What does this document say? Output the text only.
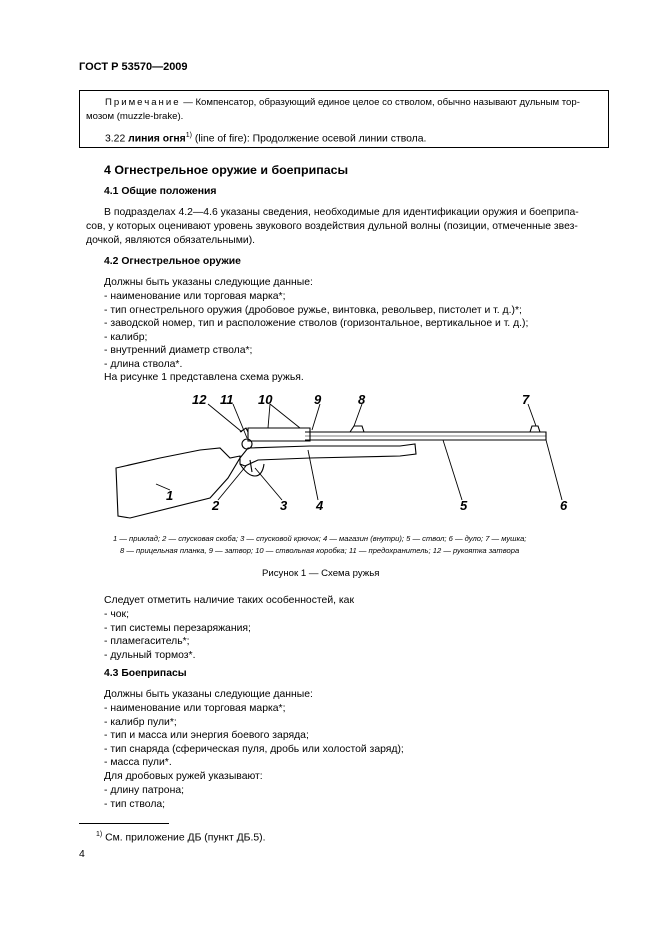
ГОСТ Р 53570—2009
Примечание — Компенсатор, образующий единое целое со стволом, обычно называют дульным тор-
мозом (muzzle-brake).
3.22 линия огня$^{1)}$ (line of fire): Продолжение осевой линии ствола.
4 Огнестрельное оружие и боеприпасы
4.1 Общие положения
В подразделах 4.2—4.6 указаны сведения, необходимые для идентификации оружия и боеприпа-
сов, у которых оценивают уровень звукового воздействия дульной волны (позиции, отмеченные звез-
дочкой, являются обязательными).
4.2 Огнестрельное оружие
Должны быть указаны следующие данные:
- наименование или торговая марка*;
- тип огнестрельного оружия (дробовое ружье, винтовка, револьвер, пистолет и т. д.)*;
- заводской номер, тип и расположение стволов (горизонтальное, вертикальное и т. д.);
- калибр;
- внутренний диаметр ствола*;
- длина ствола*.
На рисунке 1 представлена схема ружья.
12 11 10	9	8	7
1
2	3 4	5	6
1 — приклад; 2 — спусковая скоба; 3 — спусковой крючок; 4 — магазин (внутри); 5 — ствол; 6 — дуло; 7 — мушка;
8 — прицельная планка, 9 — затвор; 10 — ствольная коробка; 11 — предохранитель; 12 — рукоятка затвора
Рисунок 1 — Схема ружья
Следует отметить наличие таких особенностей, как
- чок;
- тип системы перезаряжания;
- пламегаситель*;
- дульный тормоз*.
4.3 Боеприпасы
Должны быть указаны следующие данные:
- наименование или торговая марка*;
- калибр пули*;
- тип и масса или энергия боевого заряда;
- тип снаряда (сферическая пуля, дробь или холостой заряд);
- масса пули*.
Для дробовых ружей указывают:
- длину патрона;
- тип ствола;
$^{1)}$ См. приложение ДБ (пункт ДБ.5).
4
